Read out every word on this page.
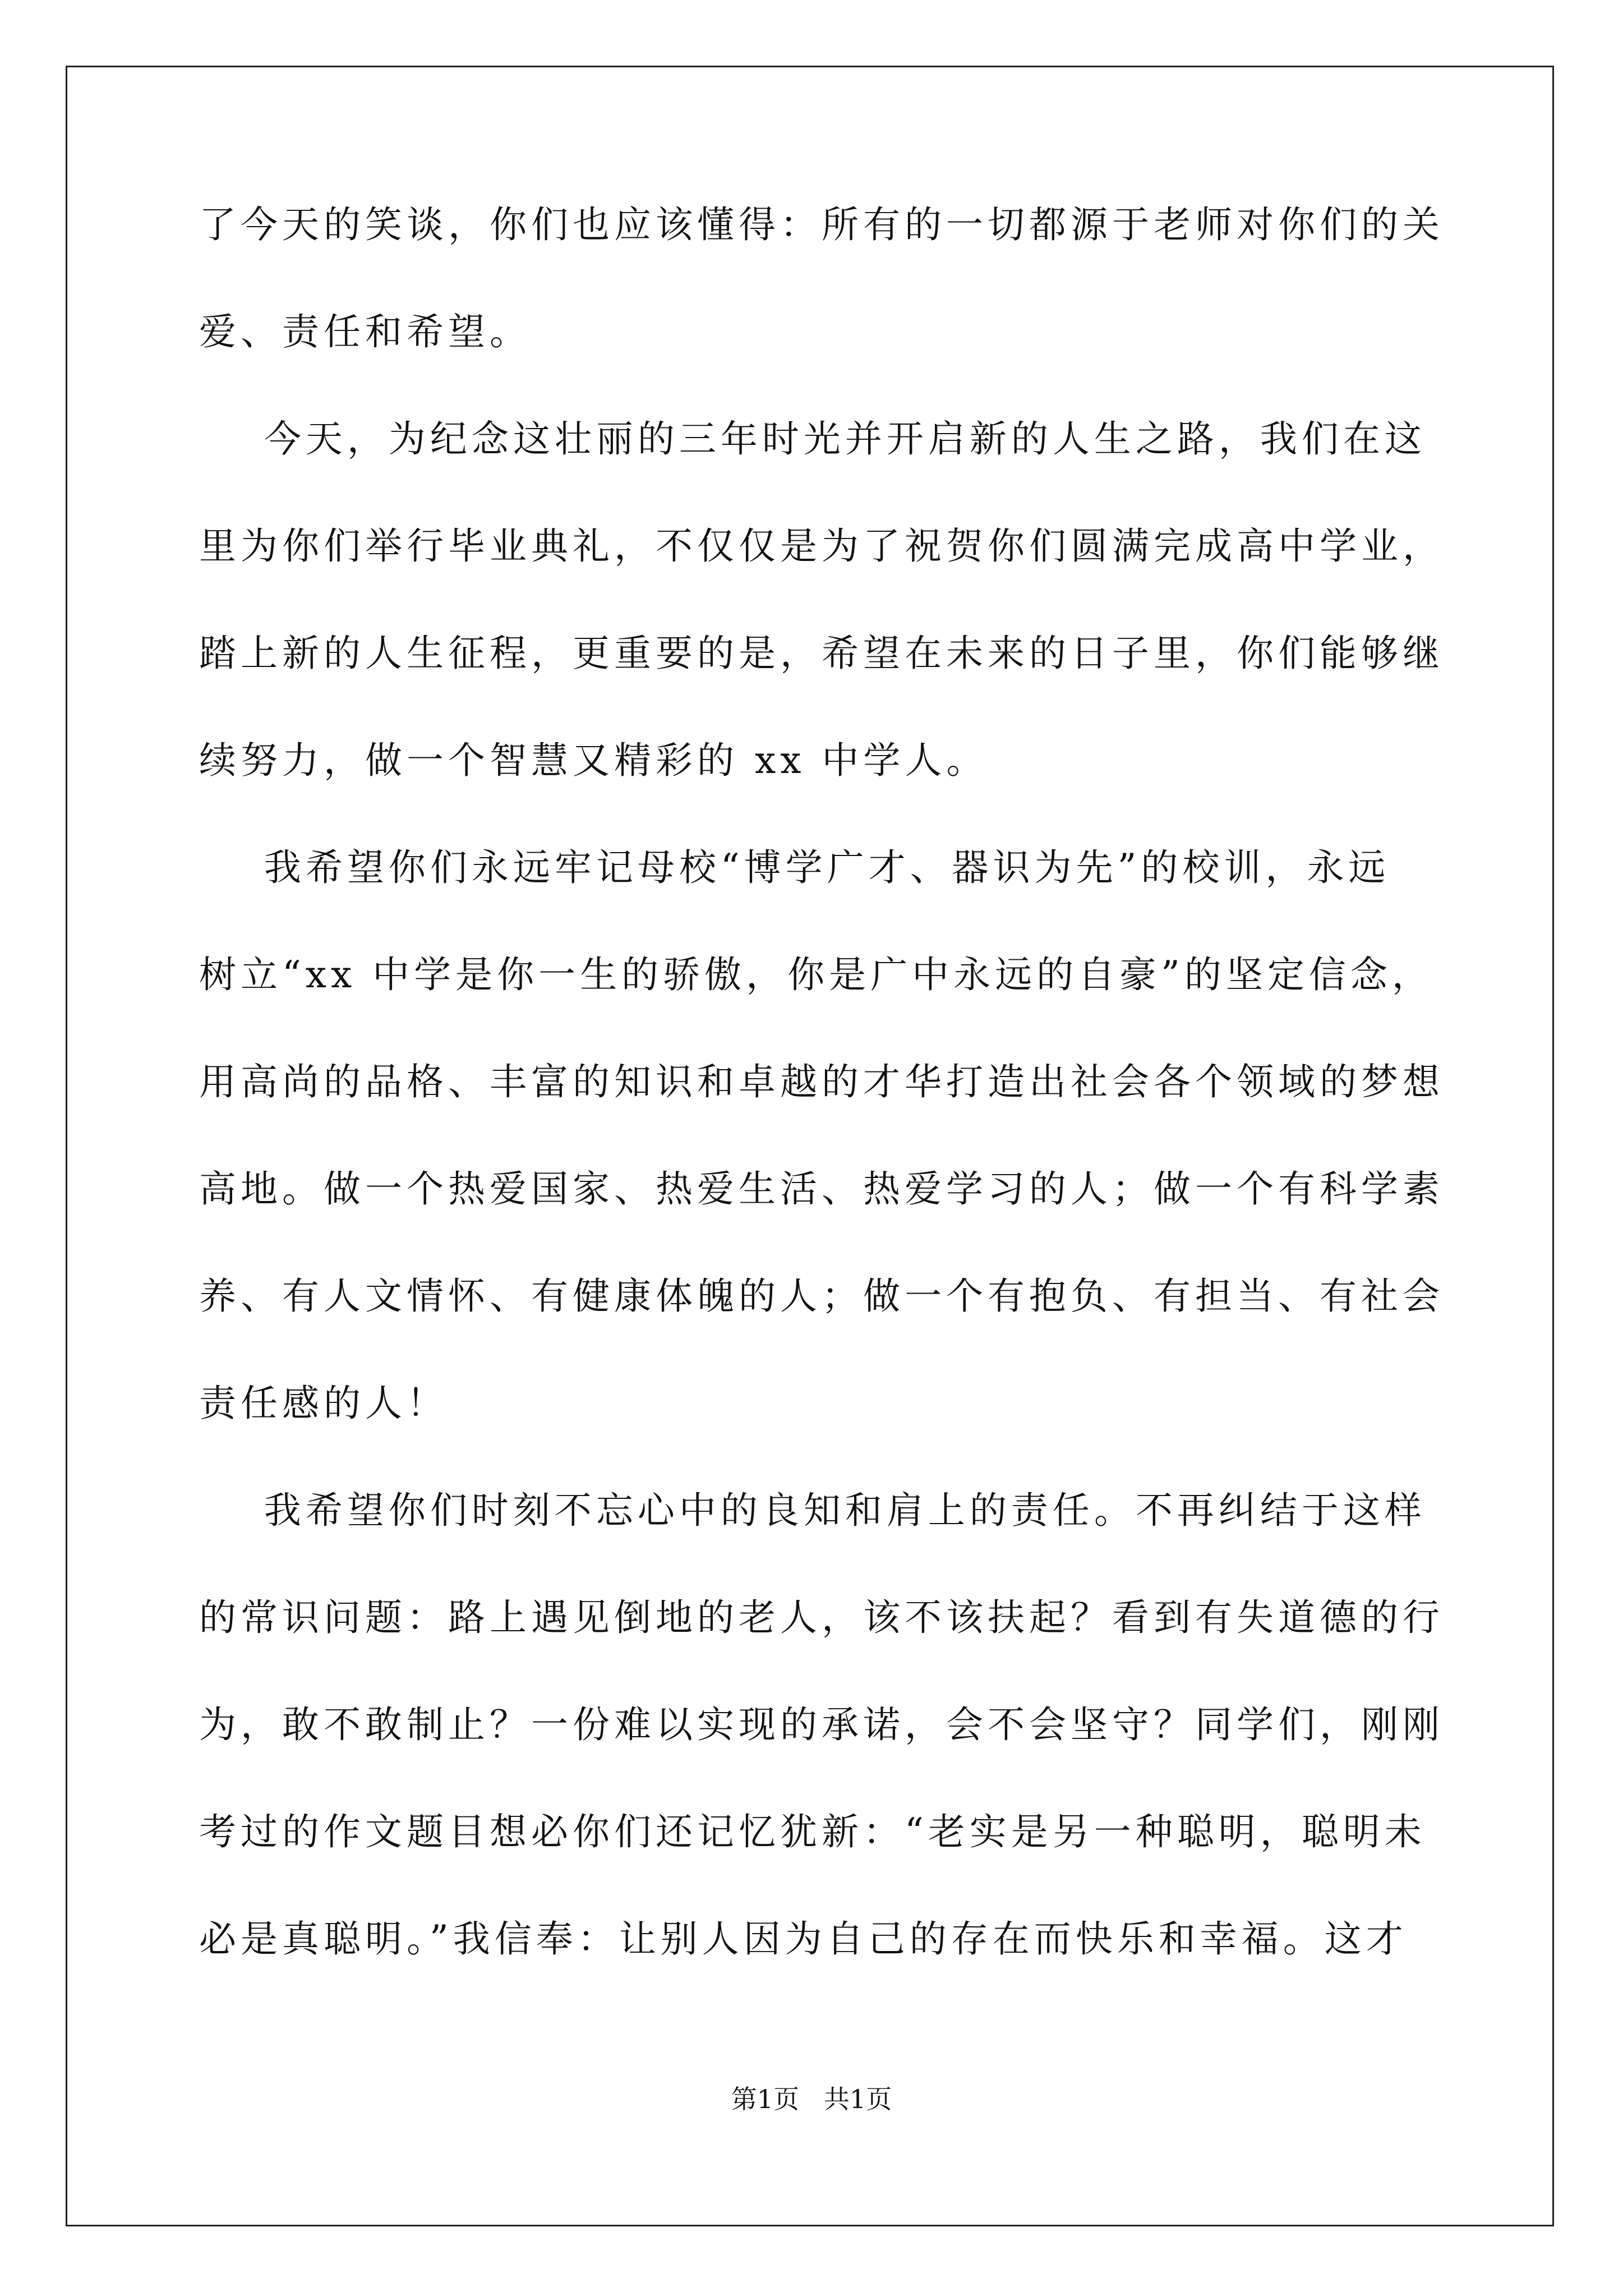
了今天的笑谈，你们也应该懂得：所有的一切都源于老师对你们的关
爱、责任和希望。
今天，为纪念这壮丽的三年时光并开启新的人生之路，我们在这
里为你们举行毕业典礼，不仅仅是为了祝贺你们圆满完成高中学业，
踏上新的人生征程，更重要的是，希望在未来的日子里，你们能够继
续努力，做一个智慧又精彩的 xx 中学人。
我希望你们永远牢记母校“博学广才、器识为先”的校训，永远
树立“xx 中学是你一生的骄傲，你是广中永远的自豪”的坚定信念，
用高尚的品格、丰富的知识和卓越的才华打造出社会各个领域的梦想
高地。做一个热爱国家、热爱生活、热爱学习的人；做一个有科学素
养、有人文情怀、有健康体魄的人；做一个有抱负、有担当、有社会
责任感的人！
我希望你们时刻不忘心中的良知和肩上的责任。不再纠结于这样
的常识问题：路上遇见倒地的老人，该不该扶起？看到有失道德的行
为，敢不敢制止？一份难以实现的承诺，会不会坚守？同学们，刚刚
考过的作文题目想必你们还记忆犹新：“老实是另一种聪明，聪明未
必是真聪明。”我信奉：让别人因为自己的存在而快乐和幸福。这才
第1页   共1页
